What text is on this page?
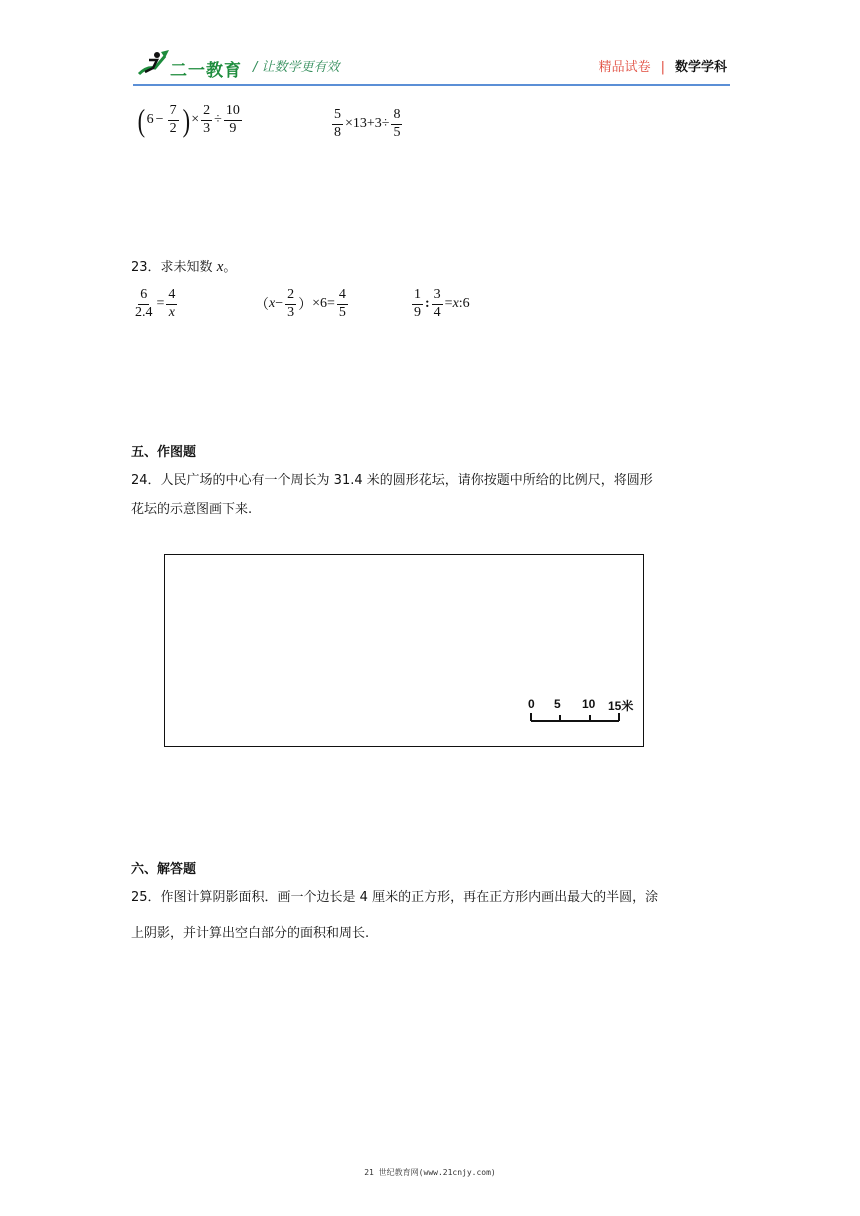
二一教育 / 让数学更有效	精品试卷 | 数学学科
( $6 - \frac{7}{2}$ ) × $\frac{2}{3} \div \frac{10}{9}$	$\frac{5}{8} \times 13+3\div \frac{8}{5}$
23．求未知数 x。
$\frac{6}{2.4} = \frac{4}{x}$	（ $x - \frac{2}{3}$ ） $\times 6= \frac{4}{5}$	$\frac{1}{9}$ : $\frac{3}{4} = x$ :6
五、作图题
24．人民广场的中心有一个周长为 31.4 米的圆形花坛，请你按题中所给的比例尺，将圆形
花坛的示意图画下来.
0 5 10 15米
六、解答题
25．作图计算阴影面积．画一个边长是 4 厘米的正方形，再在正方形内画出最大的半圆，涂
上阴影，并计算出空白部分的面积和周长.
21 世纪教育网(www.21cnjy.com)
